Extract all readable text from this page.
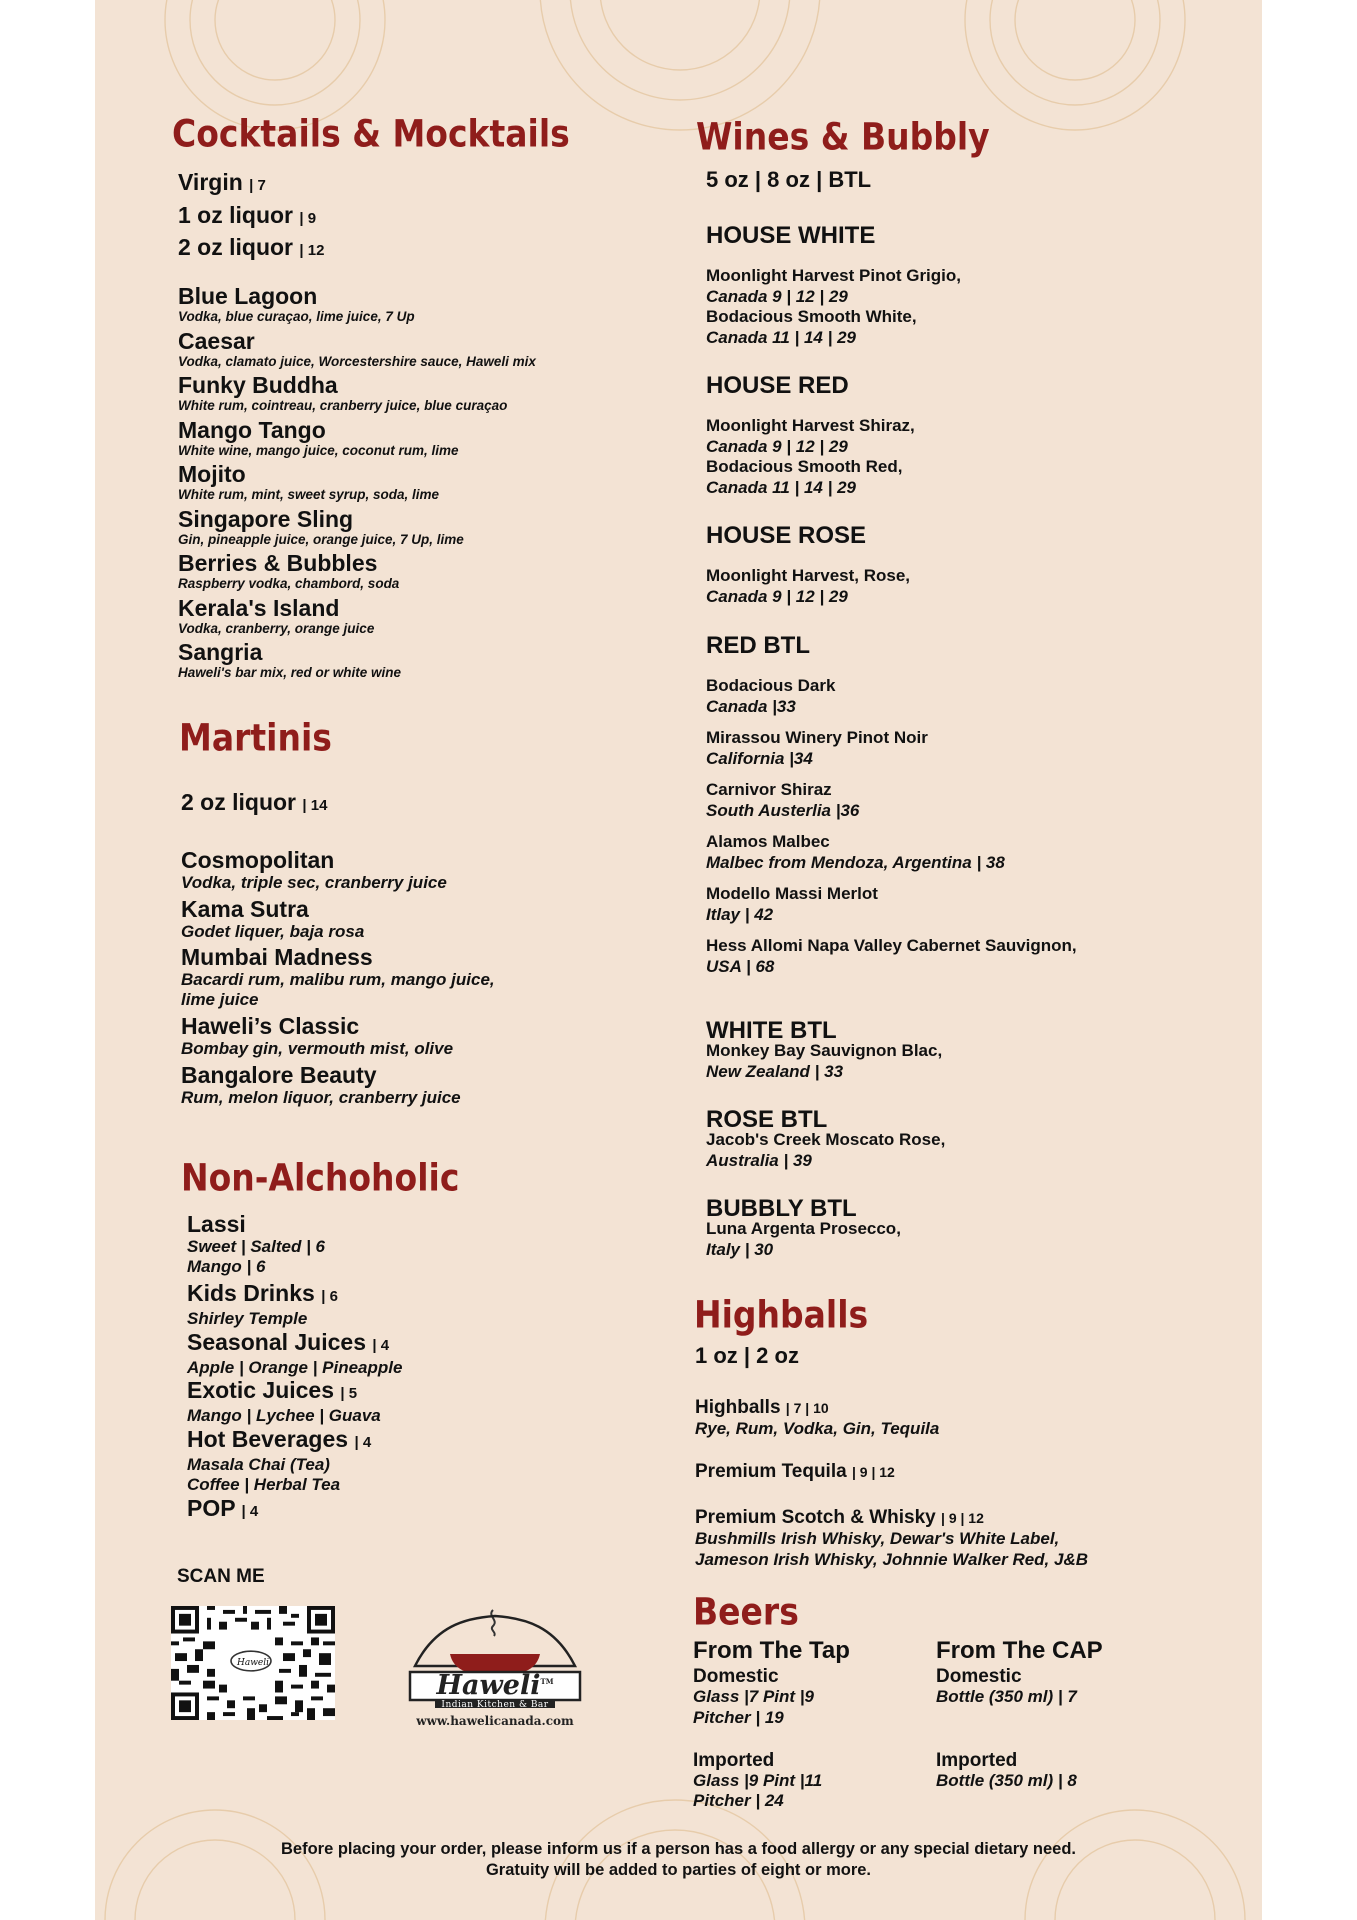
Cocktails & Mocktails
Virgin | 7
1 oz liquor | 9
2 oz liquor | 12
Blue Lagoon
Vodka, blue curaçao, lime juice, 7 Up
Caesar
Vodka, clamato juice, Worcestershire sauce, Haweli mix
Funky Buddha
White rum, cointreau, cranberry juice, blue curaçao
Mango Tango
White wine, mango juice, coconut rum, lime
Mojito
White rum, mint, sweet syrup, soda, lime
Singapore Sling
Gin, pineapple juice, orange juice, 7 Up, lime
Berries & Bubbles
Raspberry vodka, chambord, soda
Kerala's Island
Vodka, cranberry, orange juice
Sangria
Haweli's bar mix, red or white wine
Martinis
2 oz liquor | 14
Cosmopolitan
Vodka, triple sec, cranberry juice
Kama Sutra
Godet liquer, baja rosa
Mumbai Madness
Bacardi rum, malibu rum, mango juice,
lime juice
Haweli’s Classic
Bombay gin, vermouth mist, olive
Bangalore Beauty
Rum, melon liquor, cranberry juice
Non-Alchoholic
Lassi
Sweet | Salted | 6
Mango | 6
Kids Drinks | 6
Shirley Temple
Seasonal Juices | 4
Apple | Orange | Pineapple
Exotic Juices | 5
Mango | Lychee | Guava
Hot Beverages | 4
Masala Chai (Tea)
Coffee | Herbal Tea
POP | 4
SCAN ME
Haweli
Haweli™
Indian Kitchen & Bar
www.hawelicanada.com
Wines & Bubbly
5 oz | 8 oz | BTL
HOUSE WHITE
Moonlight Harvest Pinot Grigio,
Canada 9 | 12 | 29
Bodacious Smooth White,
Canada 11 | 14 | 29
HOUSE RED
Moonlight Harvest Shiraz,
Canada 9 | 12 | 29
Bodacious Smooth Red,
Canada 11 | 14 | 29
HOUSE ROSE
Moonlight Harvest, Rose,
Canada 9 | 12 | 29
RED BTL
Bodacious Dark
Canada |33
Mirassou Winery Pinot Noir
California |34
Carnivor Shiraz
South Austerlia |36
Alamos Malbec
Malbec from Mendoza, Argentina | 38
Modello Massi Merlot
Itlay | 42
Hess Allomi Napa Valley Cabernet Sauvignon,
USA | 68
WHITE BTL
Monkey Bay Sauvignon Blac,
New Zealand | 33
ROSE BTL
Jacob's Creek Moscato Rose,
Australia | 39
BUBBLY BTL
Luna Argenta Prosecco,
Italy | 30
Highballs
1 oz | 2 oz
Highballs | 7 | 10
Rye, Rum, Vodka, Gin, Tequila
Premium Tequila | 9 | 12
Premium Scotch & Whisky | 9 | 12
Bushmills Irish Whisky, Dewar's White Label,
Jameson Irish Whisky, Johnnie Walker Red, J&B
Beers
From The Tap
Domestic
Glass |7 Pint |9
Pitcher | 19
Imported
Glass |9 Pint |11
Pitcher | 24
From The CAP
Domestic
Bottle (350 ml) | 7
Imported
Bottle (350 ml) | 8
Before placing your order, please inform us if a person has a food allergy or any special dietary need.
Gratuity will be added to parties of eight or more.
